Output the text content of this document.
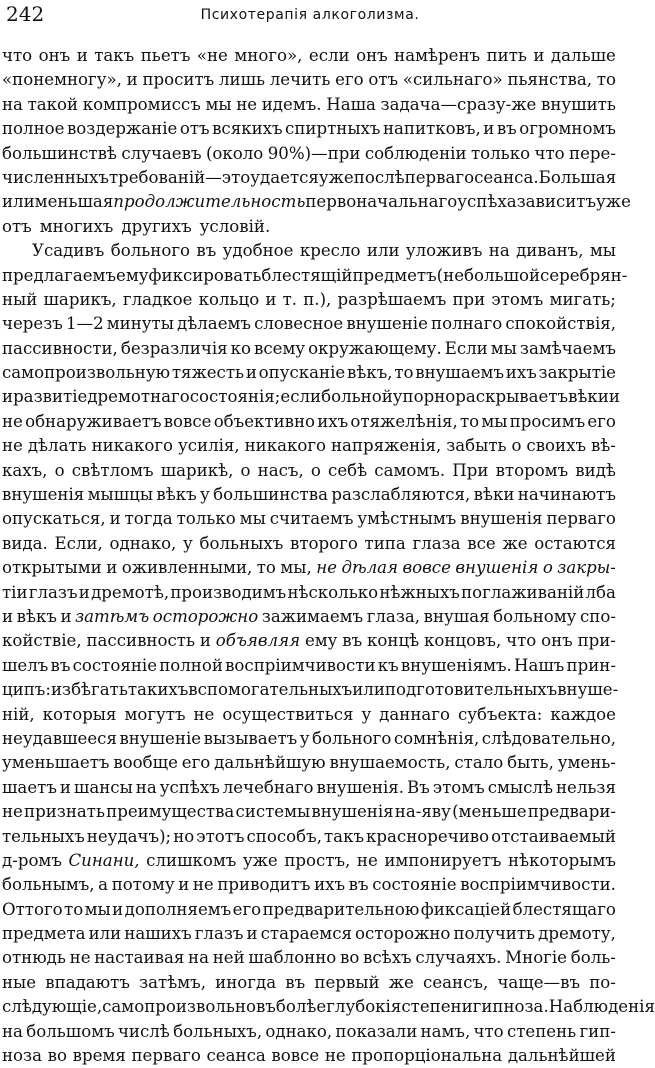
242	Психотерапія алкоголизма.
что онъ и такъ пьетъ «не много», если онъ намѣренъ пить и дальше
«понемногу», и проситъ лишь лечить его отъ «сильнаго» пьянства, то
на такой компромиссъ мы не идемъ. Наша задача—сразу-же внушить
полное воздержаніе отъ всякихъ спиртныхъ напитковъ, и въ огромномъ
большинствѣ случаевъ (около 90%)—при соблюденіи только что пере-
численныхъ требованій—это удается уже послѣ перваго сеанса. Большая
или меньшая продолжительность первоначальнаго успѣха зависитъ уже
отъ многихъ другихъ условій.
Усадивъ больного въ удобное кресло или уложивъ на диванъ, мы
предлагаемъ ему фиксировать блестящій предметъ (небольшой серебрян-
ный шарикъ, гладкое кольцо и т. п.), разрѣшаемъ при этомъ мигать;
черезъ 1—2 минуты дѣлаемъ словесное внушеніе полнаго спокойствія,
пассивности, безразличія ко всему окружающему. Если мы замѣчаемъ
самопроизвольную тяжесть и опусканіе вѣкъ, то внушаемъ ихъ закрытіе
и развитіе дремотнаго состоянія; если больной упорно раскрываетъ вѣки и
не обнаруживаетъ вовсе объективно ихъ отяжелѣнія, то мы просимъ его
не дѣлать никакого усилія, никакого напряженія, забыть о своихъ вѣ-
кахъ, о свѣтломъ шарикѣ, о насъ, о себѣ самомъ. При второмъ видѣ
внушенія мышцы вѣкъ у большинства разслабляются, вѣки начинаютъ
опускаться, и тогда только мы считаемъ умѣстнымъ внушенія перваго
вида. Если, однако, у больныхъ второго типа глаза все же остаются
открытыми и оживленными, то мы, не дѣлая вовсе внушенія о закры-
тіи глазъ и дремотѣ, производимъ нѣсколько нѣжныхъ поглаживаній лба
и вѣкъ и затѣмъ осторожно зажимаемъ глаза, внушая больному спо-
койствіе, пассивность и объявляя ему въ концѣ концовъ, что онъ при-
шелъ въ состояніе полной воспріимчивости къ внушеніямъ. Нашъ прин-
ципъ: избѣгать такихъ вспомогательныхъ или подготовительныхъ внуше-
ній, которыя могутъ не осуществиться у даннаго субъекта: каждое
неудавшееся внушеніе вызываетъ у больного сомнѣнія, слѣдовательно,
уменьшаетъ вообще его дальнѣйшую внушаемость, стало быть, умень-
шаетъ и шансы на успѣхъ лечебнаго внушенія. Въ этомъ смыслѣ нельзя
не признать преимущества системы внушенія на-яву (меньше предвари-
тельныхъ неудачъ); но этотъ способъ, такъ красноречиво отстаиваемый
д-ромъ Синани, слишкомъ уже простъ, не импонируетъ нѣкоторымъ
больнымъ, а потому и не приводитъ ихъ въ состояніе воспріимчивости.
Оттого то мы и дополняемъ его предварительною фиксаціей блестящаго
предмета или нашихъ глазъ и стараемся осторожно получить дремоту,
отнюдь не настаивая на ней шаблонно во всѣхъ случаяхъ. Многіе боль-
ные впадаютъ затѣмъ, иногда въ первый же сеансъ, чаще—въ по-
слѣдующіе, самопроизвольно въ болѣе глубокія степени гипноза. Наблюденія
на большомъ числѣ больныхъ, однако, показали намъ, что степень гип-
ноза во время перваго сеанса вовсе не пропорціональна дальнѣйшей
